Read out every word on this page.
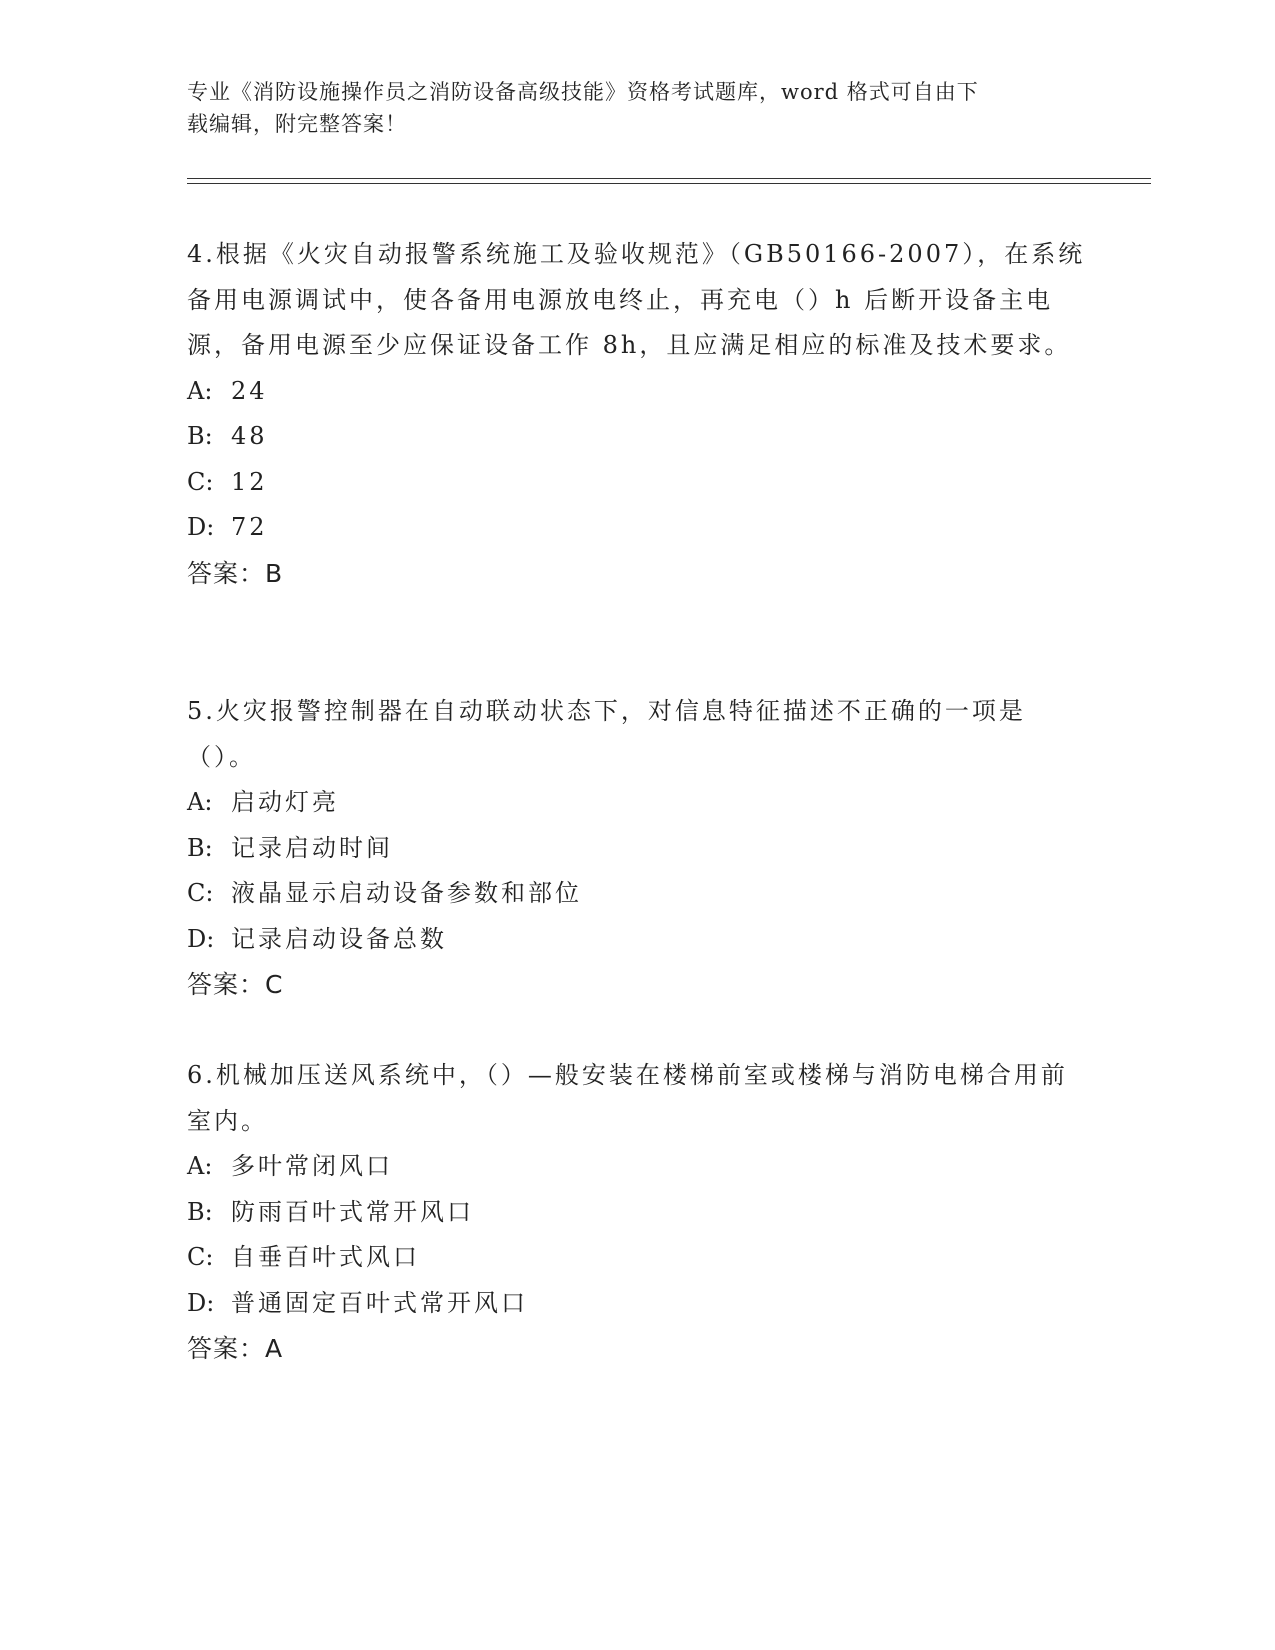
专业《消防设施操作员之消防设备高级技能》资格考试题库，word 格式可自由下
载编辑，附完整答案！

4.根据《火灾自动报警系统施工及验收规范》（GB50166-2007），在系统备用电源调试中，使各备用电源放电终止，再充电（）h 后断开设备主电源，备用电源至少应保证设备工作 8h，且应满足相应的标准及技术要求。

A: 24
B: 48
C: 12
D: 72

答案：B

5.火灾报警控制器在自动联动状态下，对信息特征描述不正确的一项是（）。

A: 启动灯亮
B: 记录启动时间
C: 液晶显示启动设备参数和部位
D: 记录启动设备总数

答案：C

6.机械加压送风系统中，（）—般安装在楼梯前室或楼梯与消防电梯合用前室内。

A: 多叶常闭风口
B: 防雨百叶式常开风口
C: 自垂百叶式风口
D: 普通固定百叶式常开风口

答案：A
